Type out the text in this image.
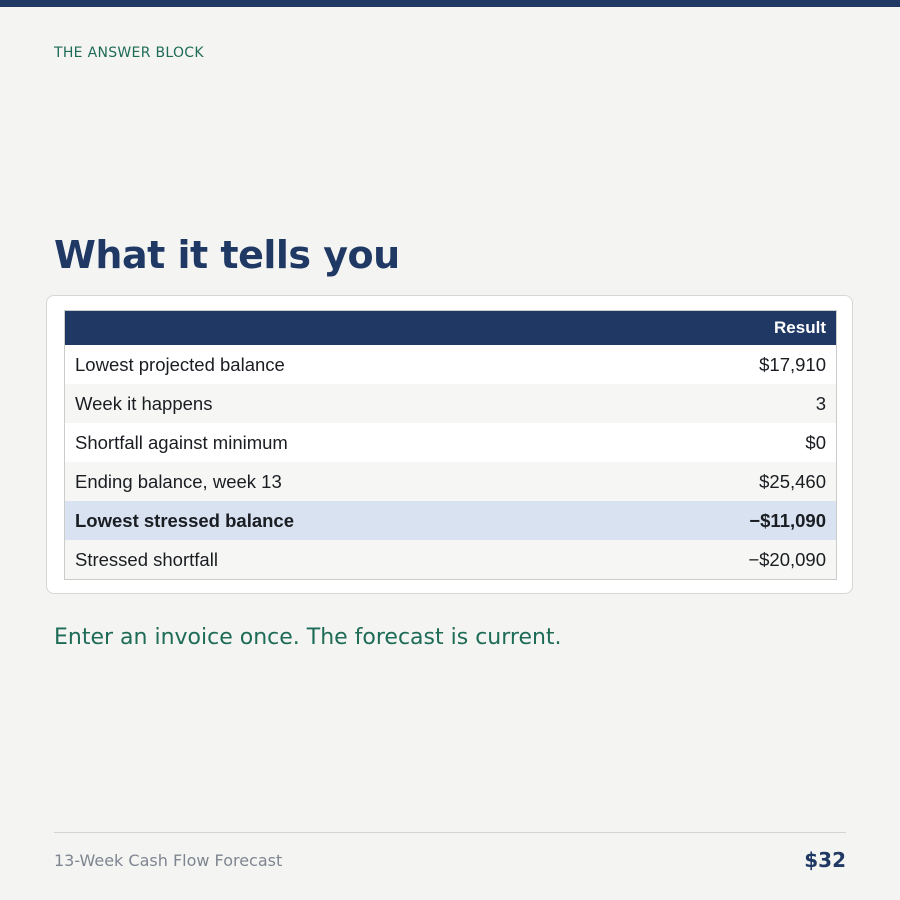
THE ANSWER BLOCK
What it tells you
	Result
Lowest projected balance	$17,910
Week it happens	3
Shortfall against minimum	$0
Ending balance, week 13	$25,460
Lowest stressed balance	−$11,090
Stressed shortfall	−$20,090

Enter an invoice once. The forecast is current.

13-Week Cash Flow Forecast	$32
